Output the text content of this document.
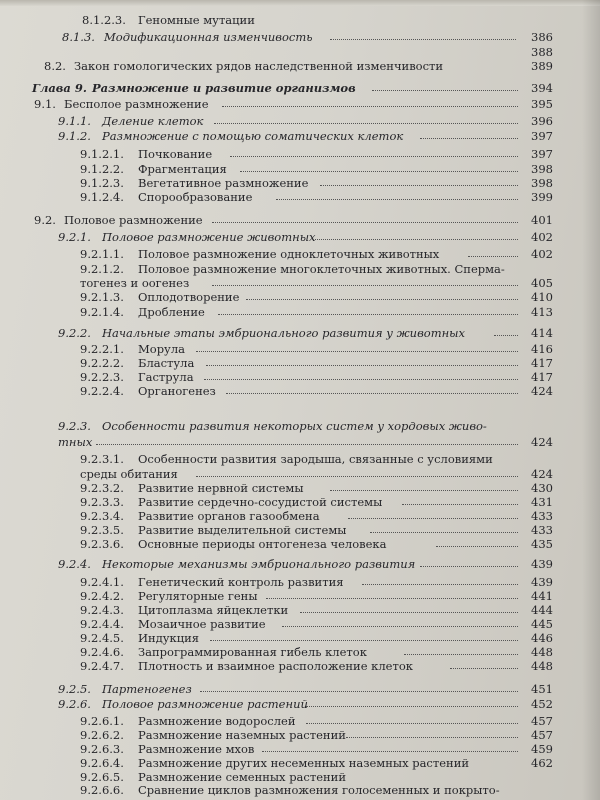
8.1.2.3. Геномные мутации
8.1.3. Модификационная изменчивость	386
388
8.2. Закон гомологических рядов наследственной изменчивости	389
Глава 9. Размножение и развитие организмов	394
9.1. Бесполое размножение	395
9.1.1. Деление клеток	396
9.1.2. Размножение с помощью соматических клеток	397
9.1.2.1. Почкование	397
9.1.2.2. Фрагментация	398
9.1.2.3. Вегетативное размножение	398
9.1.2.4. Спорообразование	399
9.2. Половое размножение	401
9.2.1. Половое размножение животных	402
9.2.1.1. Половое размножение одноклеточных животных	402
9.2.1.2. Половое размножение многоклеточных животных. Сперма-
тогенез и оогенез	405
9.2.1.3. Оплодотворение	410
9.2.1.4. Дробление	413
9.2.2. Начальные этапы эмбрионального развития у животных	414
9.2.2.1. Морула	416
9.2.2.2. Бластула	417
9.2.2.3. Гаструла	417
9.2.2.4. Органогенез	424
9.2.3. Особенности развития некоторых систем у хордовых живо-
тных	424
9.2.3.1. Особенности развития зародыша, связанные с условиями
среды обитания	424
9.2.3.2. Развитие нервной системы	430
9.2.3.3. Развитие сердечно-сосудистой системы	431
9.2.3.4. Развитие органов газообмена	433
9.2.3.5. Развитие выделительной системы	433
9.2.3.6. Основные периоды онтогенеза человека	435
9.2.4. Некоторые механизмы эмбрионального развития	439
9.2.4.1. Генетический контроль развития	439
9.2.4.2. Регуляторные гены	441
9.2.4.3. Цитоплазма яйцеклетки	444
9.2.4.4. Мозаичное развитие	445
9.2.4.5. Индукция	446
9.2.4.6. Запрограммированная гибель клеток	448
9.2.4.7. Плотность и взаимное расположение клеток	448
9.2.5. Партеногенез	451
9.2.6. Половое размножение растений	452
9.2.6.1. Размножение водорослей	457
9.2.6.2. Размножение наземных растений	457
9.2.6.3. Размножение мхов	459
9.2.6.4. Размножение других несеменных наземных растений	462
9.2.6.5. Размножение семенных растений
9.2.6.6. Сравнение циклов размножения голосеменных и покрыто-
